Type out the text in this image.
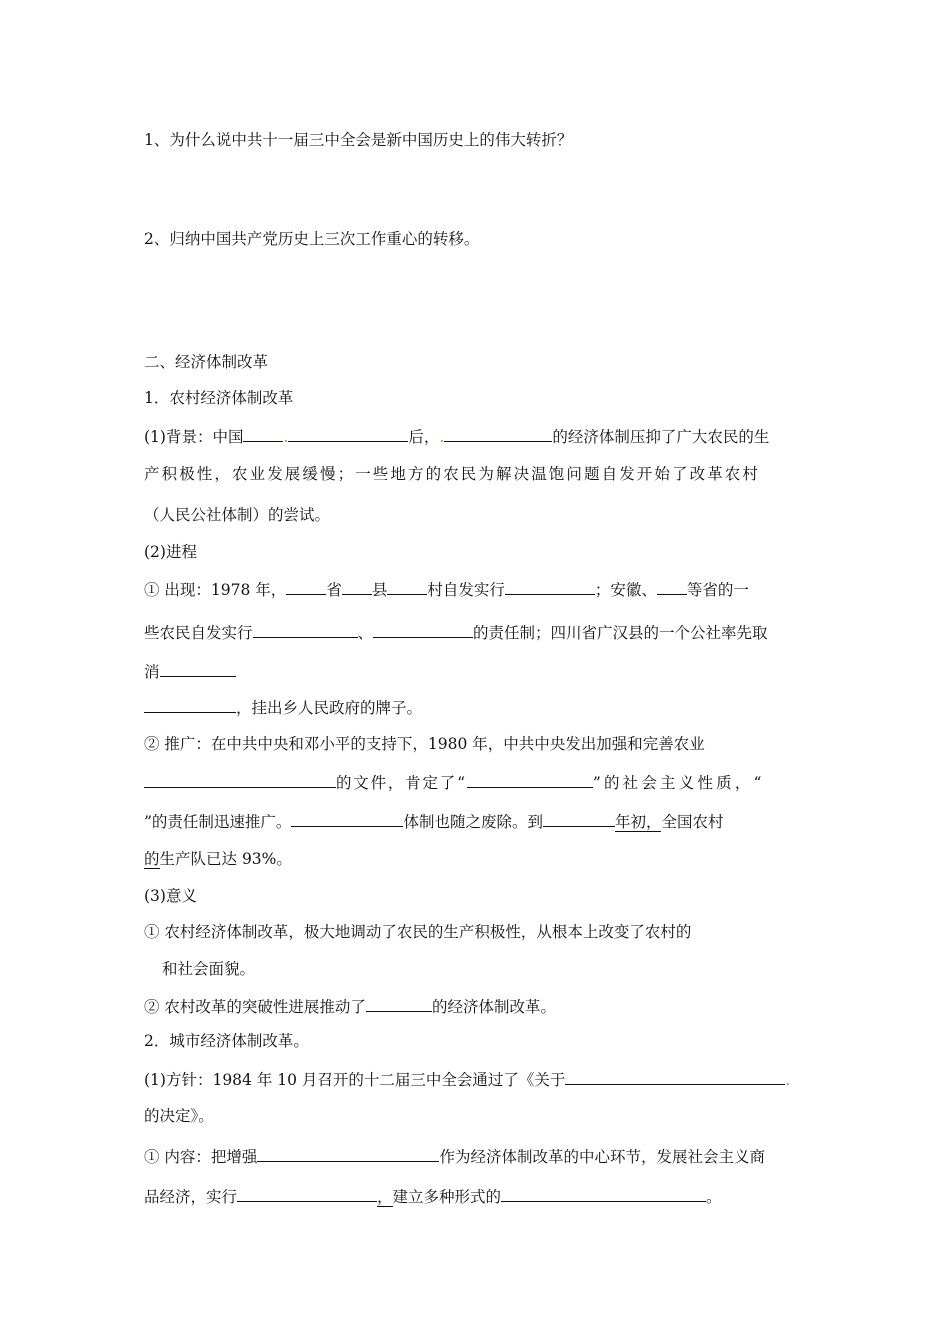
1、为什么说中共十一届三中全会是新中国历史上的伟大转折？
2、归纳中国共产党历史上三次工作重心的转移。
二、经济体制改革
1．农村经济体制改革
(1)背景：中国	.	后，.	的经济体制压抑了广大农民的生
产积极性，农业发展缓慢；一些地方的农民为解决温饱问题自发开始了改革农村
（人民公社体制）的尝试。
(2)进程
① 出现：1978 年，	省 县	村自发实行	；安徽、 等省的一
些农民自发实行	、	的责任制；四川省广汉县的一个公社率先取
消
，挂出乡人民政府的牌子。
② 推广：在中共中央和邓小平的支持下，1980 年，中共中央发出加强和完善农业
的文件，肯定了“	”的社会主义性质，“
”的责任制迅速推广。	体制也随之废除。到	年初，全国农村
的生产队已达 93%。
(3)意义
① 农村经济体制改革，极大地调动了农民的生产积极性，从根本上改变了农村的
和社会面貌。
② 农村改革的突破性进展推动了	的经济体制改革。
2．城市经济体制改革。
(1)方针：1984 年 10 月召开的十二届三中全会通过了《关于	.
的决定》。
① 内容：把增强	作为经济体制改革的中心环节，发展社会主义商
品经济，实行	，建立多种形式的	。
